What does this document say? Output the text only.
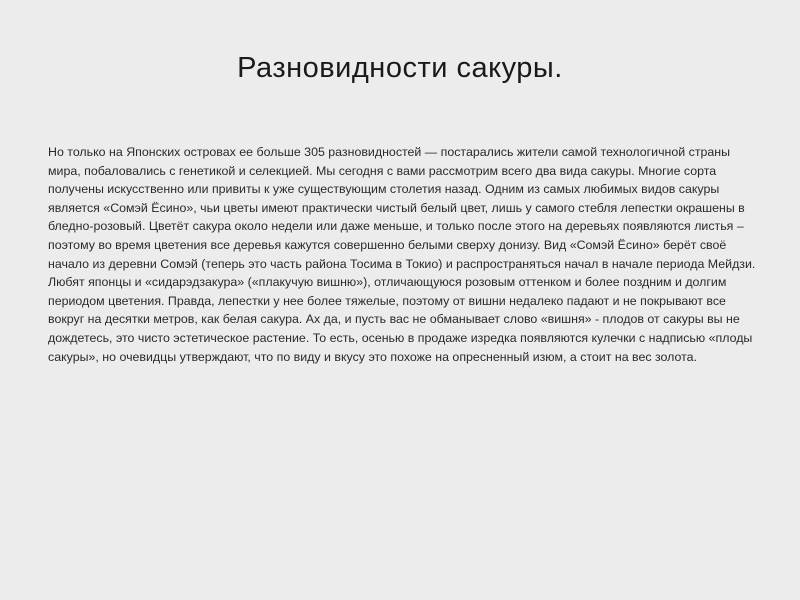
Разновидности сакуры.

Но только на Японских островах ее больше 305 разновидностей — постарались жители самой технологичной страны мира, побаловались с генетикой и селекцией. Мы сегодня с вами рассмотрим всего два вида сакуры. Многие сорта получены искусственно или привиты к уже существующим столетия назад. Одним из самых любимых видов сакуры является «Сомэй Ёсино», чьи цветы имеют практически чистый белый цвет, лишь у самого стебля лепестки окрашены в бледно-розовый. Цветёт сакура около недели или даже меньше, и только после этого на деревьях появляются листья – поэтому во время цветения все деревья кажутся совершенно белыми сверху донизу. Вид «Сомэй Ёсино» берёт своё начало из деревни Сомэй (теперь это часть района Тосима в Токио) и распространяться начал в начале периода Мейдзи. Любят японцы и «сидарэдзакура» («плакучую вишню»), отличающуюся розовым оттенком и более поздним и долгим периодом цветения. Правда, лепестки у нее более тяжелые, поэтому от вишни недалеко падают и не покрывают все вокруг на десятки метров, как белая сакура. Ах да, и пусть вас не обманывает слово «вишня» - плодов от сакуры вы не дождетесь, это чисто эстетическое растение. То есть, осенью в продаже изредка появляются кулечки с надписью «плоды сакуры», но очевидцы утверждают, что по виду и вкусу это похоже на опресненный изюм, а стоит на вес золота.
